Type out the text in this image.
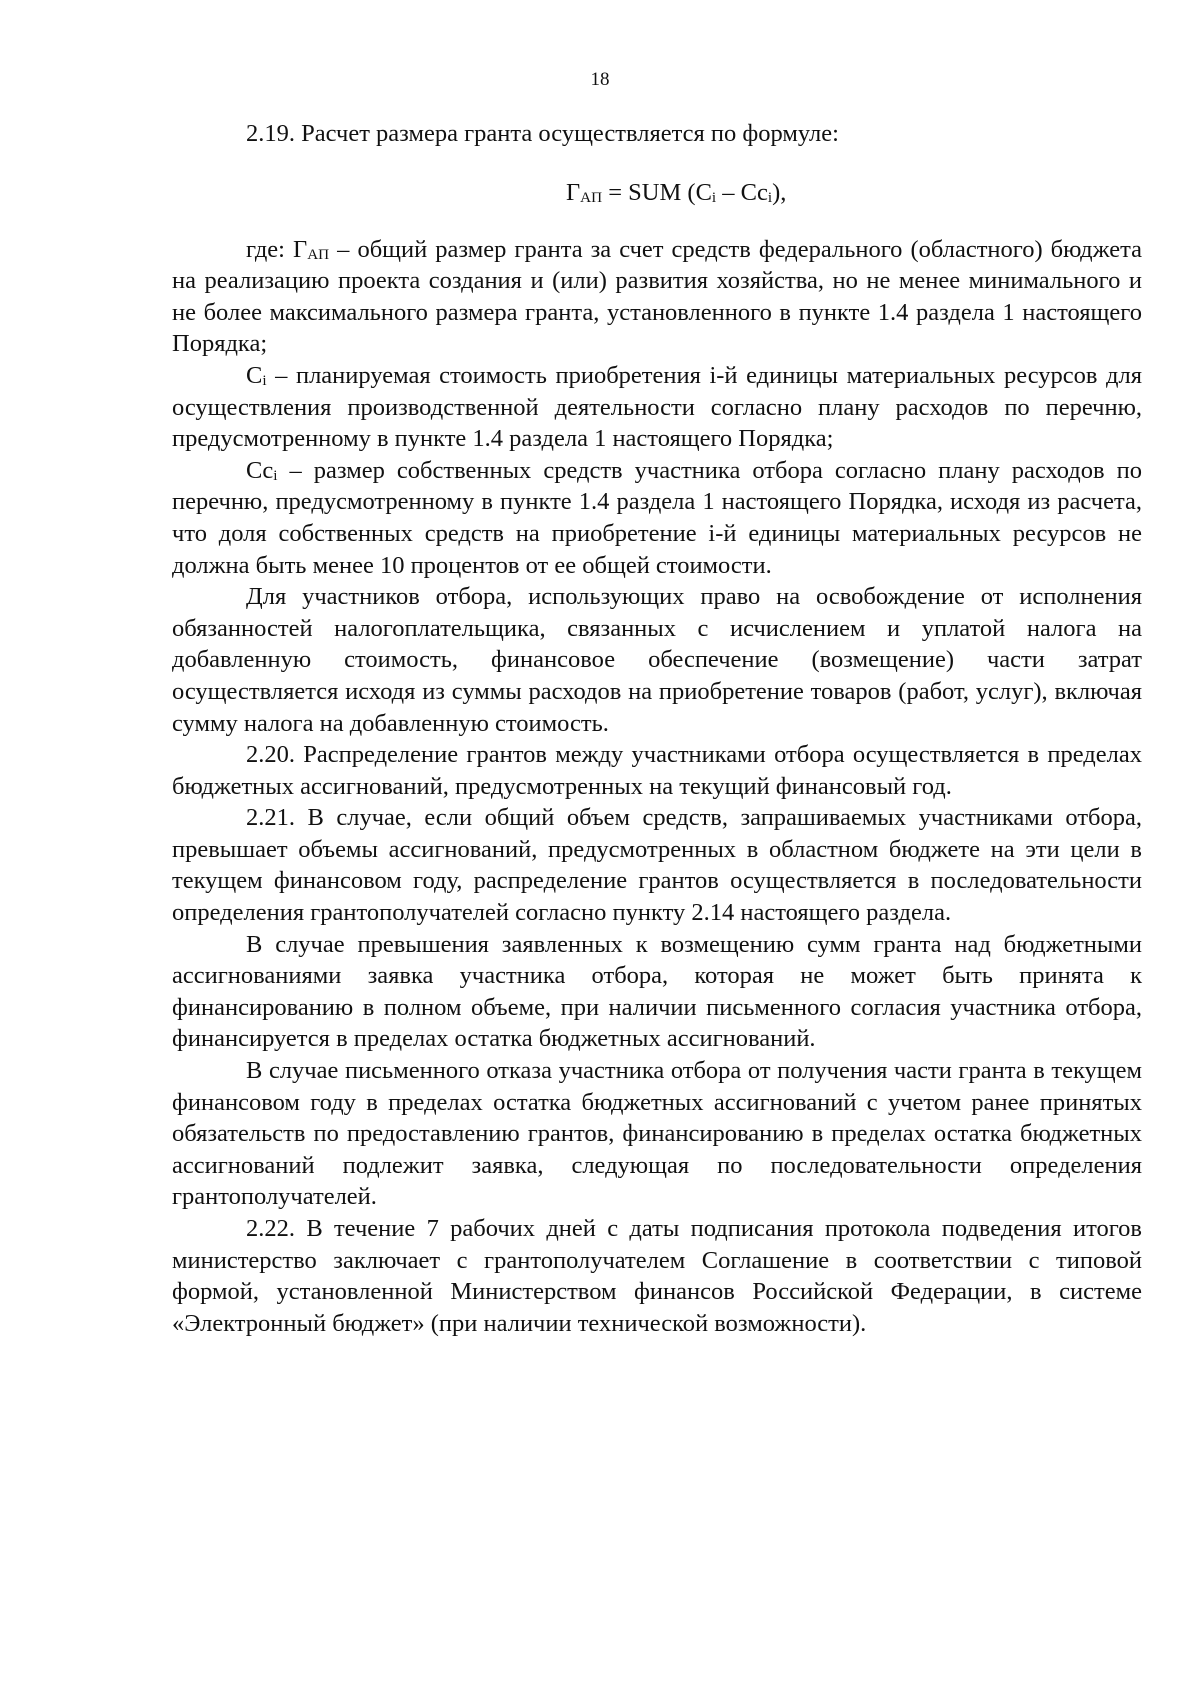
18

2.19. Расчет размера гранта осуществляется по формуле:

$Г_{АП}$ = SUM $(C_i - Cc_i)$,

где: $Г_{АП}$ – общий размер гранта за счет средств федерального (областного) бюджета на реализацию проекта создания и (или) развития хозяйства, но не менее минимального и не более максимального размера гранта, установленного в пункте 1.4 раздела 1 настоящего Порядка;

$C_i$ – планируемая стоимость приобретения i-й единицы материальных ресурсов для осуществления производственной деятельности согласно плану расходов по перечню, предусмотренному в пункте 1.4 раздела 1 настоящего Порядка;

$Cc_i$ – размер собственных средств участника отбора согласно плану расходов по перечню, предусмотренному в пункте 1.4 раздела 1 настоящего Порядка, исходя из расчета, что доля собственных средств на приобретение i-й единицы материальных ресурсов не должна быть менее 10 процентов от ее общей стоимости.

Для участников отбора, использующих право на освобождение от исполнения обязанностей налогоплательщика, связанных с исчислением и уплатой налога на добавленную стоимость, финансовое обеспечение (возмещение) части затрат осуществляется исходя из суммы расходов на приобретение товаров (работ, услуг), включая сумму налога на добавленную стоимость.

2.20. Распределение грантов между участниками отбора осуществляется в пределах бюджетных ассигнований, предусмотренных на текущий финансовый год.

2.21. В случае, если общий объем средств, запрашиваемых участниками отбора, превышает объемы ассигнований, предусмотренных в областном бюджете на эти цели в текущем финансовом году, распределение грантов осуществляется в последовательности определения грантополучателей согласно пункту 2.14 настоящего раздела.

В случае превышения заявленных к возмещению сумм гранта над бюджетными ассигнованиями заявка участника отбора, которая не может быть принята к финансированию в полном объеме, при наличии письменного согласия участника отбора, финансируется в пределах остатка бюджетных ассигнований.

В случае письменного отказа участника отбора от получения части гранта в текущем финансовом году в пределах остатка бюджетных ассигнований с учетом ранее принятых обязательств по предоставлению грантов, финансированию в пределах остатка бюджетных ассигнований подлежит заявка, следующая по последовательности определения грантополучателей.

2.22. В течение 7 рабочих дней с даты подписания протокола подведения итогов министерство заключает с грантополучателем Соглашение в соответствии с типовой формой, установленной Министерством финансов Российской Федерации, в системе «Электронный бюджет» (при наличии технической возможности).
